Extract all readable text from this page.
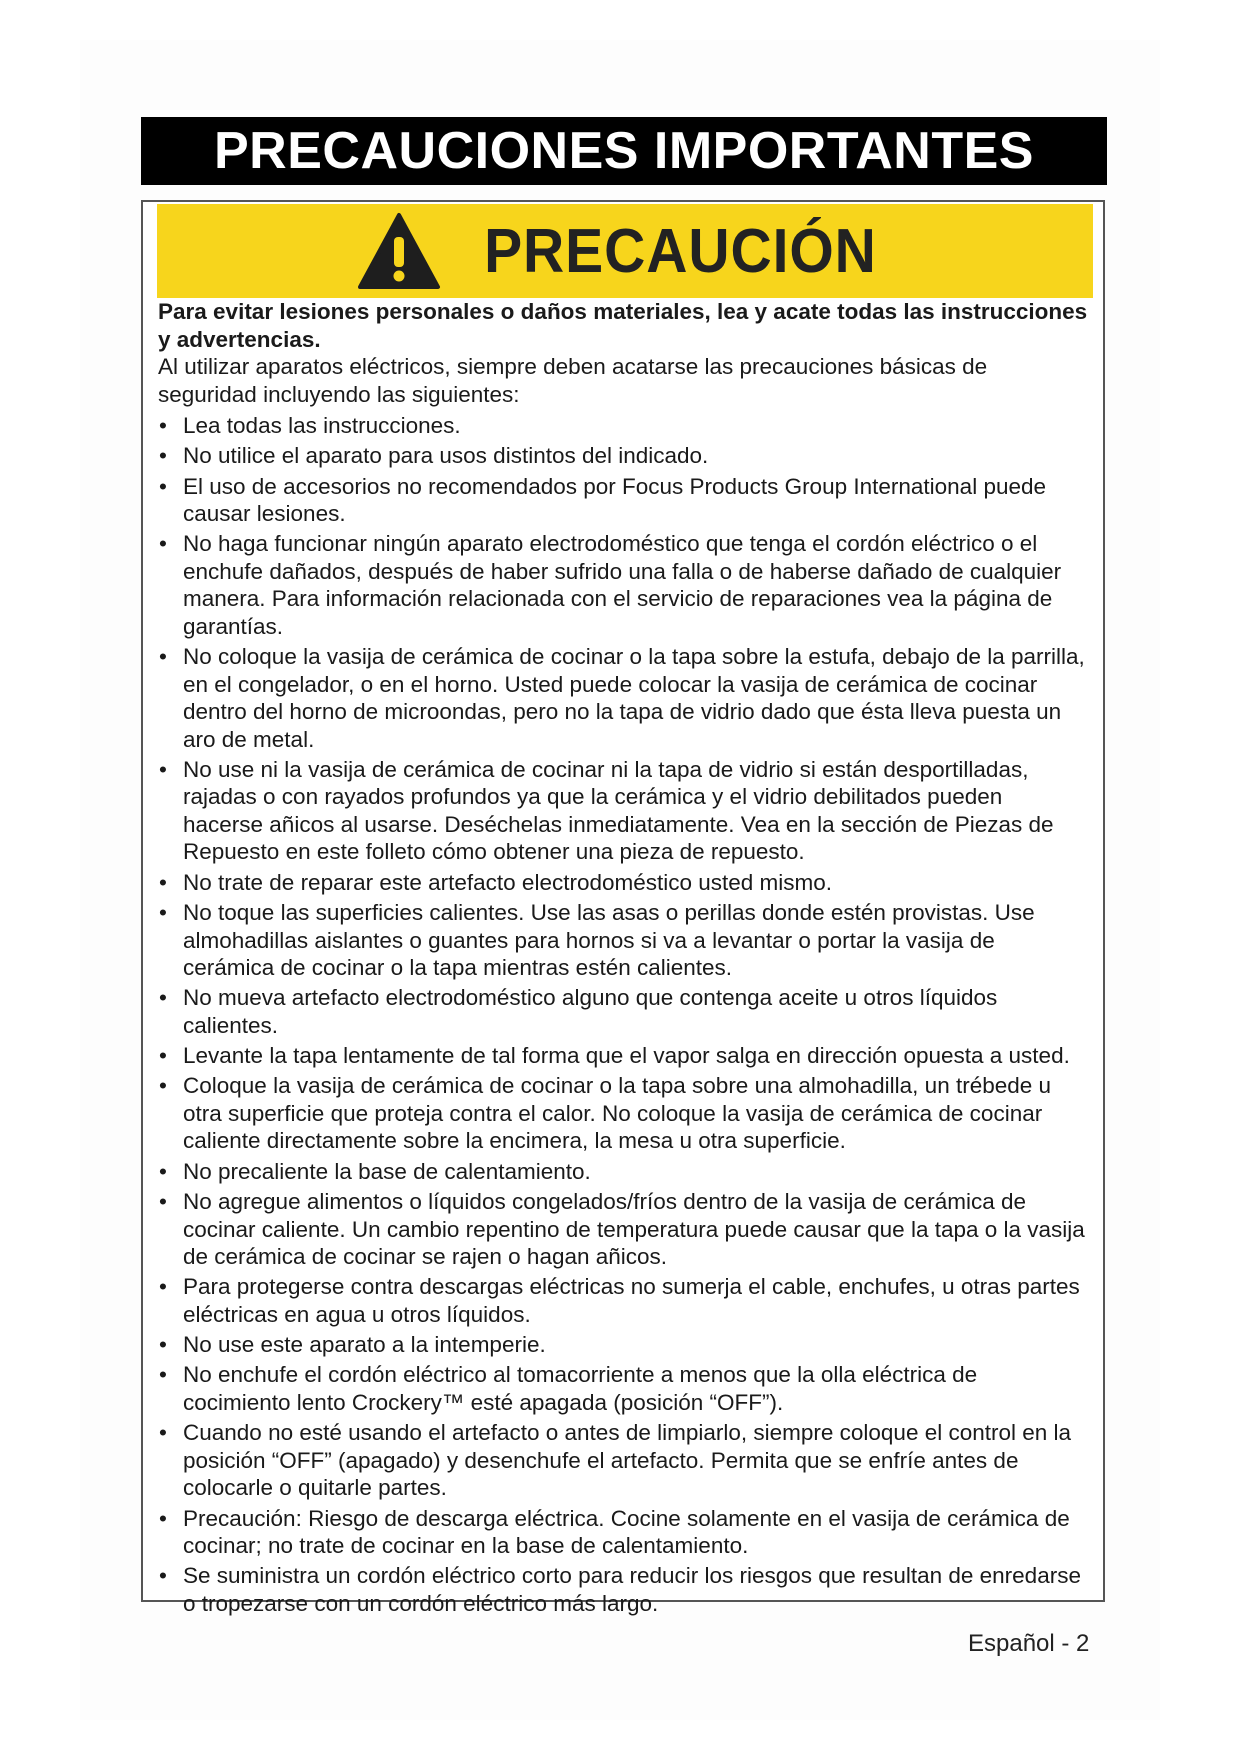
PRECAUCIONES IMPORTANTES
PRECAUCIÓN
Para evitar lesiones personales o daños materiales, lea y acate todas las instrucciones y advertencias.
Al utilizar aparatos eléctricos, siempre deben acatarse las precauciones básicas de seguridad incluyendo las siguientes:
• Lea todas las instrucciones.
• No utilice el aparato para usos distintos del indicado.
• El uso de accesorios no recomendados por Focus Products Group International puede causar lesiones.
• No haga funcionar ningún aparato electrodoméstico que tenga el cordón eléctrico o el enchufe dañados, después de haber sufrido una falla o de haberse dañado de cualquier manera. Para información relacionada con el servicio de reparaciones vea la página de garantías.
• No coloque la vasija de cerámica de cocinar o la tapa sobre la estufa, debajo de la parrilla, en el congelador, o en el horno. Usted puede colocar la vasija de cerámica de cocinar dentro del horno de microondas, pero no la tapa de vidrio dado que ésta lleva puesta un aro de metal.
• No use ni la vasija de cerámica de cocinar ni la tapa de vidrio si están desportilladas, rajadas o con rayados profundos ya que la cerámica y el vidrio debilitados pueden hacerse añicos al usarse. Deséchelas inmediatamente. Vea en la sección de Piezas de Repuesto en este folleto cómo obtener una pieza de repuesto.
• No trate de reparar este artefacto electrodoméstico usted mismo.
• No toque las superficies calientes. Use las asas o perillas donde estén provistas. Use almohadillas aislantes o guantes para hornos si va a levantar o portar la vasija de cerámica de cocinar o la tapa mientras estén calientes.
• No mueva artefacto electrodoméstico alguno que contenga aceite u otros líquidos calientes.
• Levante la tapa lentamente de tal forma que el vapor salga en dirección opuesta a usted.
• Coloque la vasija de cerámica de cocinar o la tapa sobre una almohadilla, un trébede u otra superficie que proteja contra el calor. No coloque la vasija de cerámica de cocinar caliente directamente sobre la encimera, la mesa u otra superficie.
• No precaliente la base de calentamiento.
• No agregue alimentos o líquidos congelados/fríos dentro de la vasija de cerámica de cocinar caliente. Un cambio repentino de temperatura puede causar que la tapa o la vasija de cerámica de cocinar se rajen o hagan añicos.
• Para protegerse contra descargas eléctricas no sumerja el cable, enchufes, u otras partes eléctricas en agua u otros líquidos.
• No use este aparato a la intemperie.
• No enchufe el cordón eléctrico al tomacorriente a menos que la olla eléctrica de cocimiento lento Crockery™ esté apagada (posición “OFF”).
• Cuando no esté usando el artefacto o antes de limpiarlo, siempre coloque el control en la posición “OFF” (apagado) y desenchufe el artefacto. Permita que se enfríe antes de colocarle o quitarle partes.
• Precaución: Riesgo de descarga eléctrica. Cocine solamente en el vasija de cerámica de cocinar; no trate de cocinar en la base de calentamiento.
• Se suministra un cordón eléctrico corto para reducir los riesgos que resultan de enredarse o tropezarse con un cordón eléctrico más largo.
Español - 2
